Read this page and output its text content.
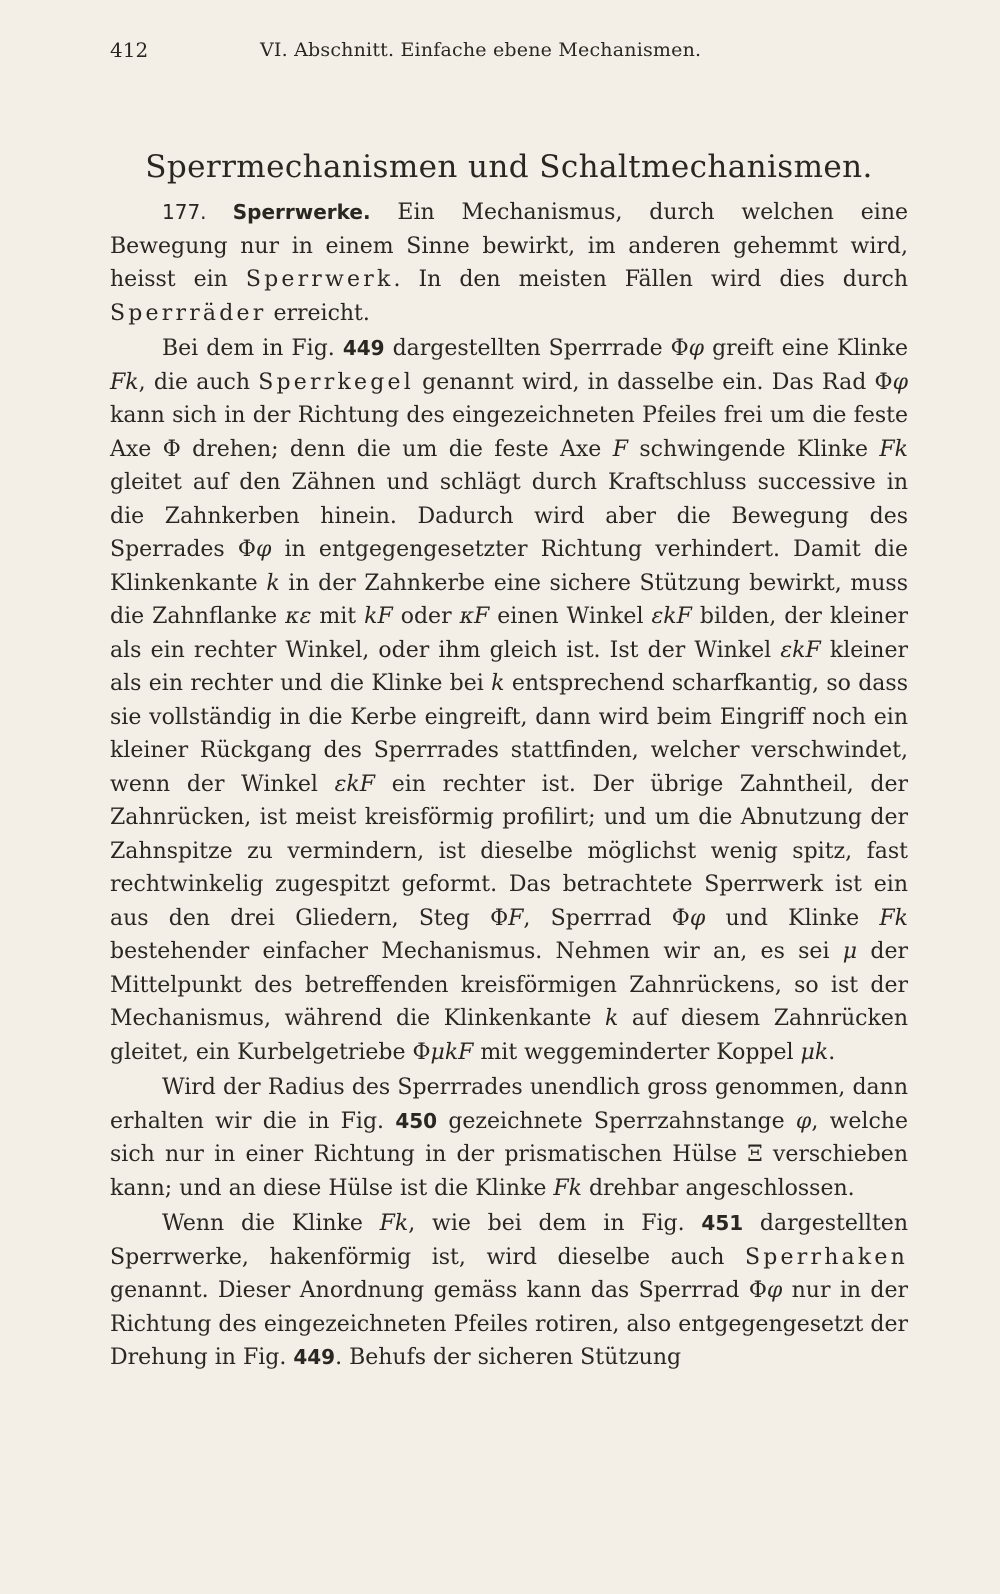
412	VI. Abschnitt. Einfache ebene Mechanismen.
Sperrmechanismen und Schaltmechanismen.

177. Sperrwerke. Ein Mechanismus, durch welchen eine Bewegung nur in einem Sinne bewirkt, im anderen gehemmt wird, heisst ein Sperrwerk. In den meisten Fällen wird dies durch Sperrräder erreicht.

Bei dem in Fig. 449 dargestellten Sperrrade Φφ greift eine Klinke Fk, die auch Sperrkegel genannt wird, in dasselbe ein. Das Rad Φφ kann sich in der Richtung des eingezeichneten Pfeiles frei um die feste Axe Φ drehen; denn die um die feste Axe F schwingende Klinke Fk gleitet auf den Zähnen und schlägt durch Kraftschluss successive in die Zahnkerben hinein. Dadurch wird aber die Bewegung des Sperrades Φφ in entgegengesetzter Richtung verhindert. Damit die Klinkenkante k in der Zahnkerbe eine sichere Stützung bewirkt, muss die Zahnflanke κε mit kF oder κF einen Winkel εkF bilden, der kleiner als ein rechter Winkel, oder ihm gleich ist. Ist der Winkel εkF kleiner als ein rechter und die Klinke bei k entsprechend scharfkantig, so dass sie vollständig in die Kerbe eingreift, dann wird beim Eingriff noch ein kleiner Rückgang des Sperrrades stattfinden, welcher verschwindet, wenn der Winkel εkF ein rechter ist. Der übrige Zahntheil, der Zahnrücken, ist meist kreisförmig profilirt; und um die Abnutzung der Zahnspitze zu vermindern, ist dieselbe möglichst wenig spitz, fast rechtwinkelig zugespitzt geformt. Das betrachtete Sperrwerk ist ein aus den drei Gliedern, Steg ΦF, Sperrrad Φφ und Klinke Fk bestehender einfacher Mechanismus. Nehmen wir an, es sei μ der Mittelpunkt des betreffenden kreisförmigen Zahnrückens, so ist der Mechanismus, während die Klinkenkante k auf diesem Zahnrücken gleitet, ein Kurbelgetriebe ΦμkF mit weggeminderter Koppel μk.

Wird der Radius des Sperrrades unendlich gross genommen, dann erhalten wir die in Fig. 450 gezeichnete Sperrzahnstange φ, welche sich nur in einer Richtung in der prismatischen Hülse Ξ verschieben kann; und an diese Hülse ist die Klinke Fk drehbar angeschlossen.

Wenn die Klinke Fk, wie bei dem in Fig. 451 dargestellten Sperrwerke, hakenförmig ist, wird dieselbe auch Sperrhaken genannt. Dieser Anordnung gemäss kann das Sperrrad Φφ nur in der Richtung des eingezeichneten Pfeiles rotiren, also entgegengesetzt der Drehung in Fig. 449. Behufs der sicheren Stützung
